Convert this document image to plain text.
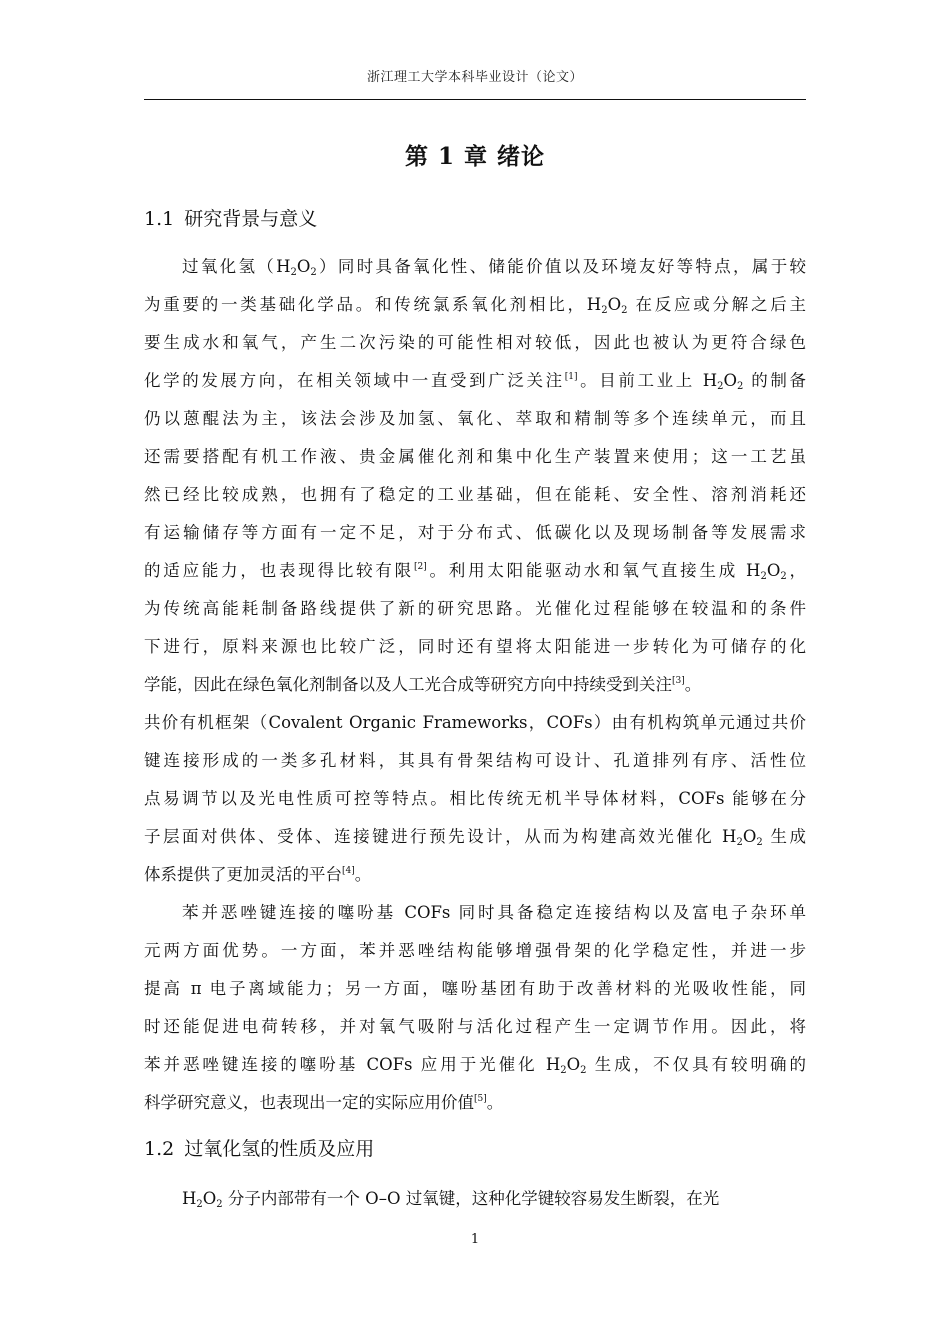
浙江理工大学本科毕业设计（论文）
第 1 章 绪论
1.1 研究背景与意义
过氧化氢$(H_2O_2)$同时具备氧化性、储能价值以及环境友好等特点，属于较
为重要的一类基础化学品。和传统氯系氧化剂相比，$H_2O_2$ 在反应或分解之后主
要生成水和氧气，产生二次污染的可能性相对较低，因此也被认为更符合绿色
化学的发展方向，在相关领域中一直受到广泛关注[1]。目前工业上 $H_2O_2$ 的制备
仍以蒽醌法为主，该法会涉及加氢、氧化、萃取和精制等多个连续单元，而且
还需要搭配有机工作液、贵金属催化剂和集中化生产装置来使用；这一工艺虽
然已经比较成熟，也拥有了稳定的工业基础，但在能耗、安全性、溶剂消耗还
有运输储存等方面有一定不足，对于分布式、低碳化以及现场制备等发展需求
的适应能力，也表现得比较有限[2]。利用太阳能驱动水和氧气直接生成 $H_2O_2$，
为传统高能耗制备路线提供了新的研究思路。光催化过程能够在较温和的条件
下进行，原料来源也比较广泛，同时还有望将太阳能进一步转化为可储存的化
学能，因此在绿色氧化剂制备以及人工光合成等研究方向中持续受到关注[3]。
共价有机框架（Covalent Organic Frameworks，COFs）由有机构筑单元通过共价
键连接形成的一类多孔材料，其具有骨架结构可设计、孔道排列有序、活性位
点易调节以及光电性质可控等特点。相比传统无机半导体材料，COFs 能够在分
子层面对供体、受体、连接键进行预先设计，从而为构建高效光催化 $H_2O_2$ 生成
体系提供了更加灵活的平台[4]。
苯并恶唑键连接的噻吩基 COFs 同时具备稳定连接结构以及富电子杂环单
元两方面优势。一方面，苯并恶唑结构能够增强骨架的化学稳定性，并进一步
提高 π 电子离域能力；另一方面，噻吩基团有助于改善材料的光吸收性能，同
时还能促进电荷转移，并对氧气吸附与活化过程产生一定调节作用。因此，将
苯并恶唑键连接的噻吩基 COFs 应用于光催化 $H_2O_2$ 生成，不仅具有较明确的
科学研究意义，也表现出一定的实际应用价值[5]。
$H_2O_2$ 分子内部带有一个 O–O 过氧键，这种化学键较容易发生断裂，在光
1.2 过氧化氢的性质及应用
1
